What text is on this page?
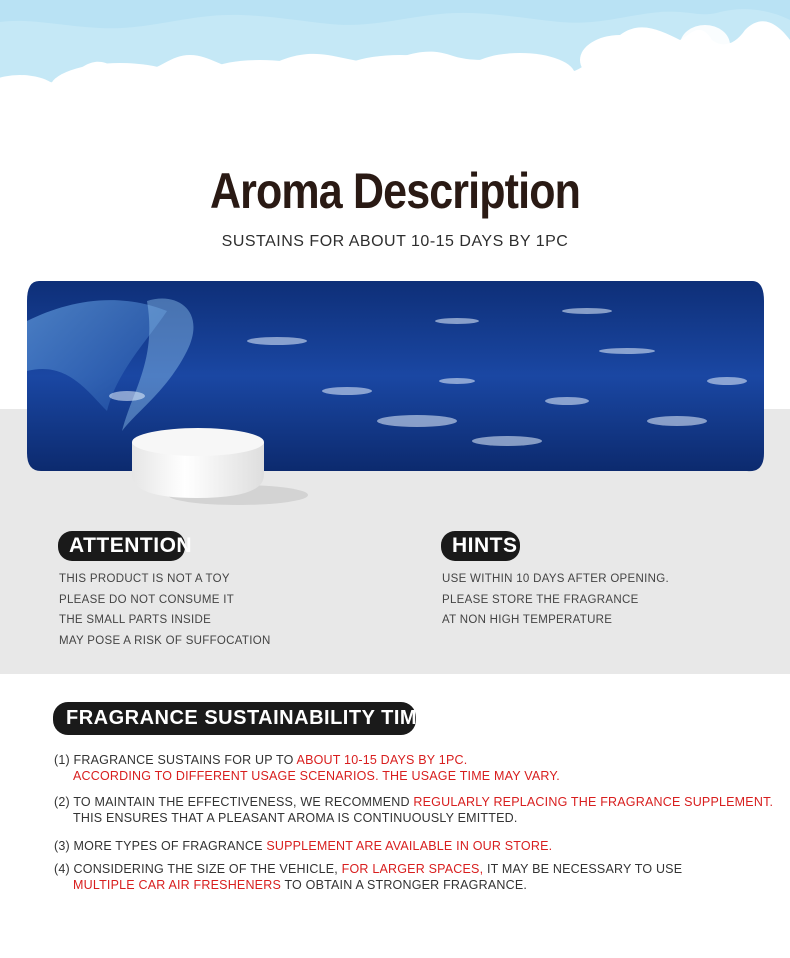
Aroma Description
SUSTAINS FOR ABOUT 10-15 DAYS BY 1PC
ATTENTION
THIS PRODUCT IS NOT A TOY
PLEASE DO NOT CONSUME IT
THE SMALL PARTS INSIDE
MAY POSE A RISK OF SUFFOCATION
HINTS
USE WITHIN 10 DAYS AFTER OPENING.
PLEASE STORE THE FRAGRANCE
AT NON HIGH TEMPERATURE
FRAGRANCE SUSTAINABILITY TIME
(1) FRAGRANCE SUSTAINS FOR UP TO ABOUT 10-15 DAYS BY 1PC.
ACCORDING TO DIFFERENT USAGE SCENARIOS. THE USAGE TIME MAY VARY.
(2) TO MAINTAIN THE EFFECTIVENESS, WE RECOMMEND REGULARLY REPLACING THE FRAGRANCE SUPPLEMENT.
THIS ENSURES THAT A PLEASANT AROMA IS CONTINUOUSLY EMITTED.
(3) MORE TYPES OF FRAGRANCE SUPPLEMENT ARE AVAILABLE IN OUR STORE.
(4) CONSIDERING THE SIZE OF THE VEHICLE, FOR LARGER SPACES, IT MAY BE NECESSARY TO USE
MULTIPLE CAR AIR FRESHENERS TO OBTAIN A STRONGER FRAGRANCE.
